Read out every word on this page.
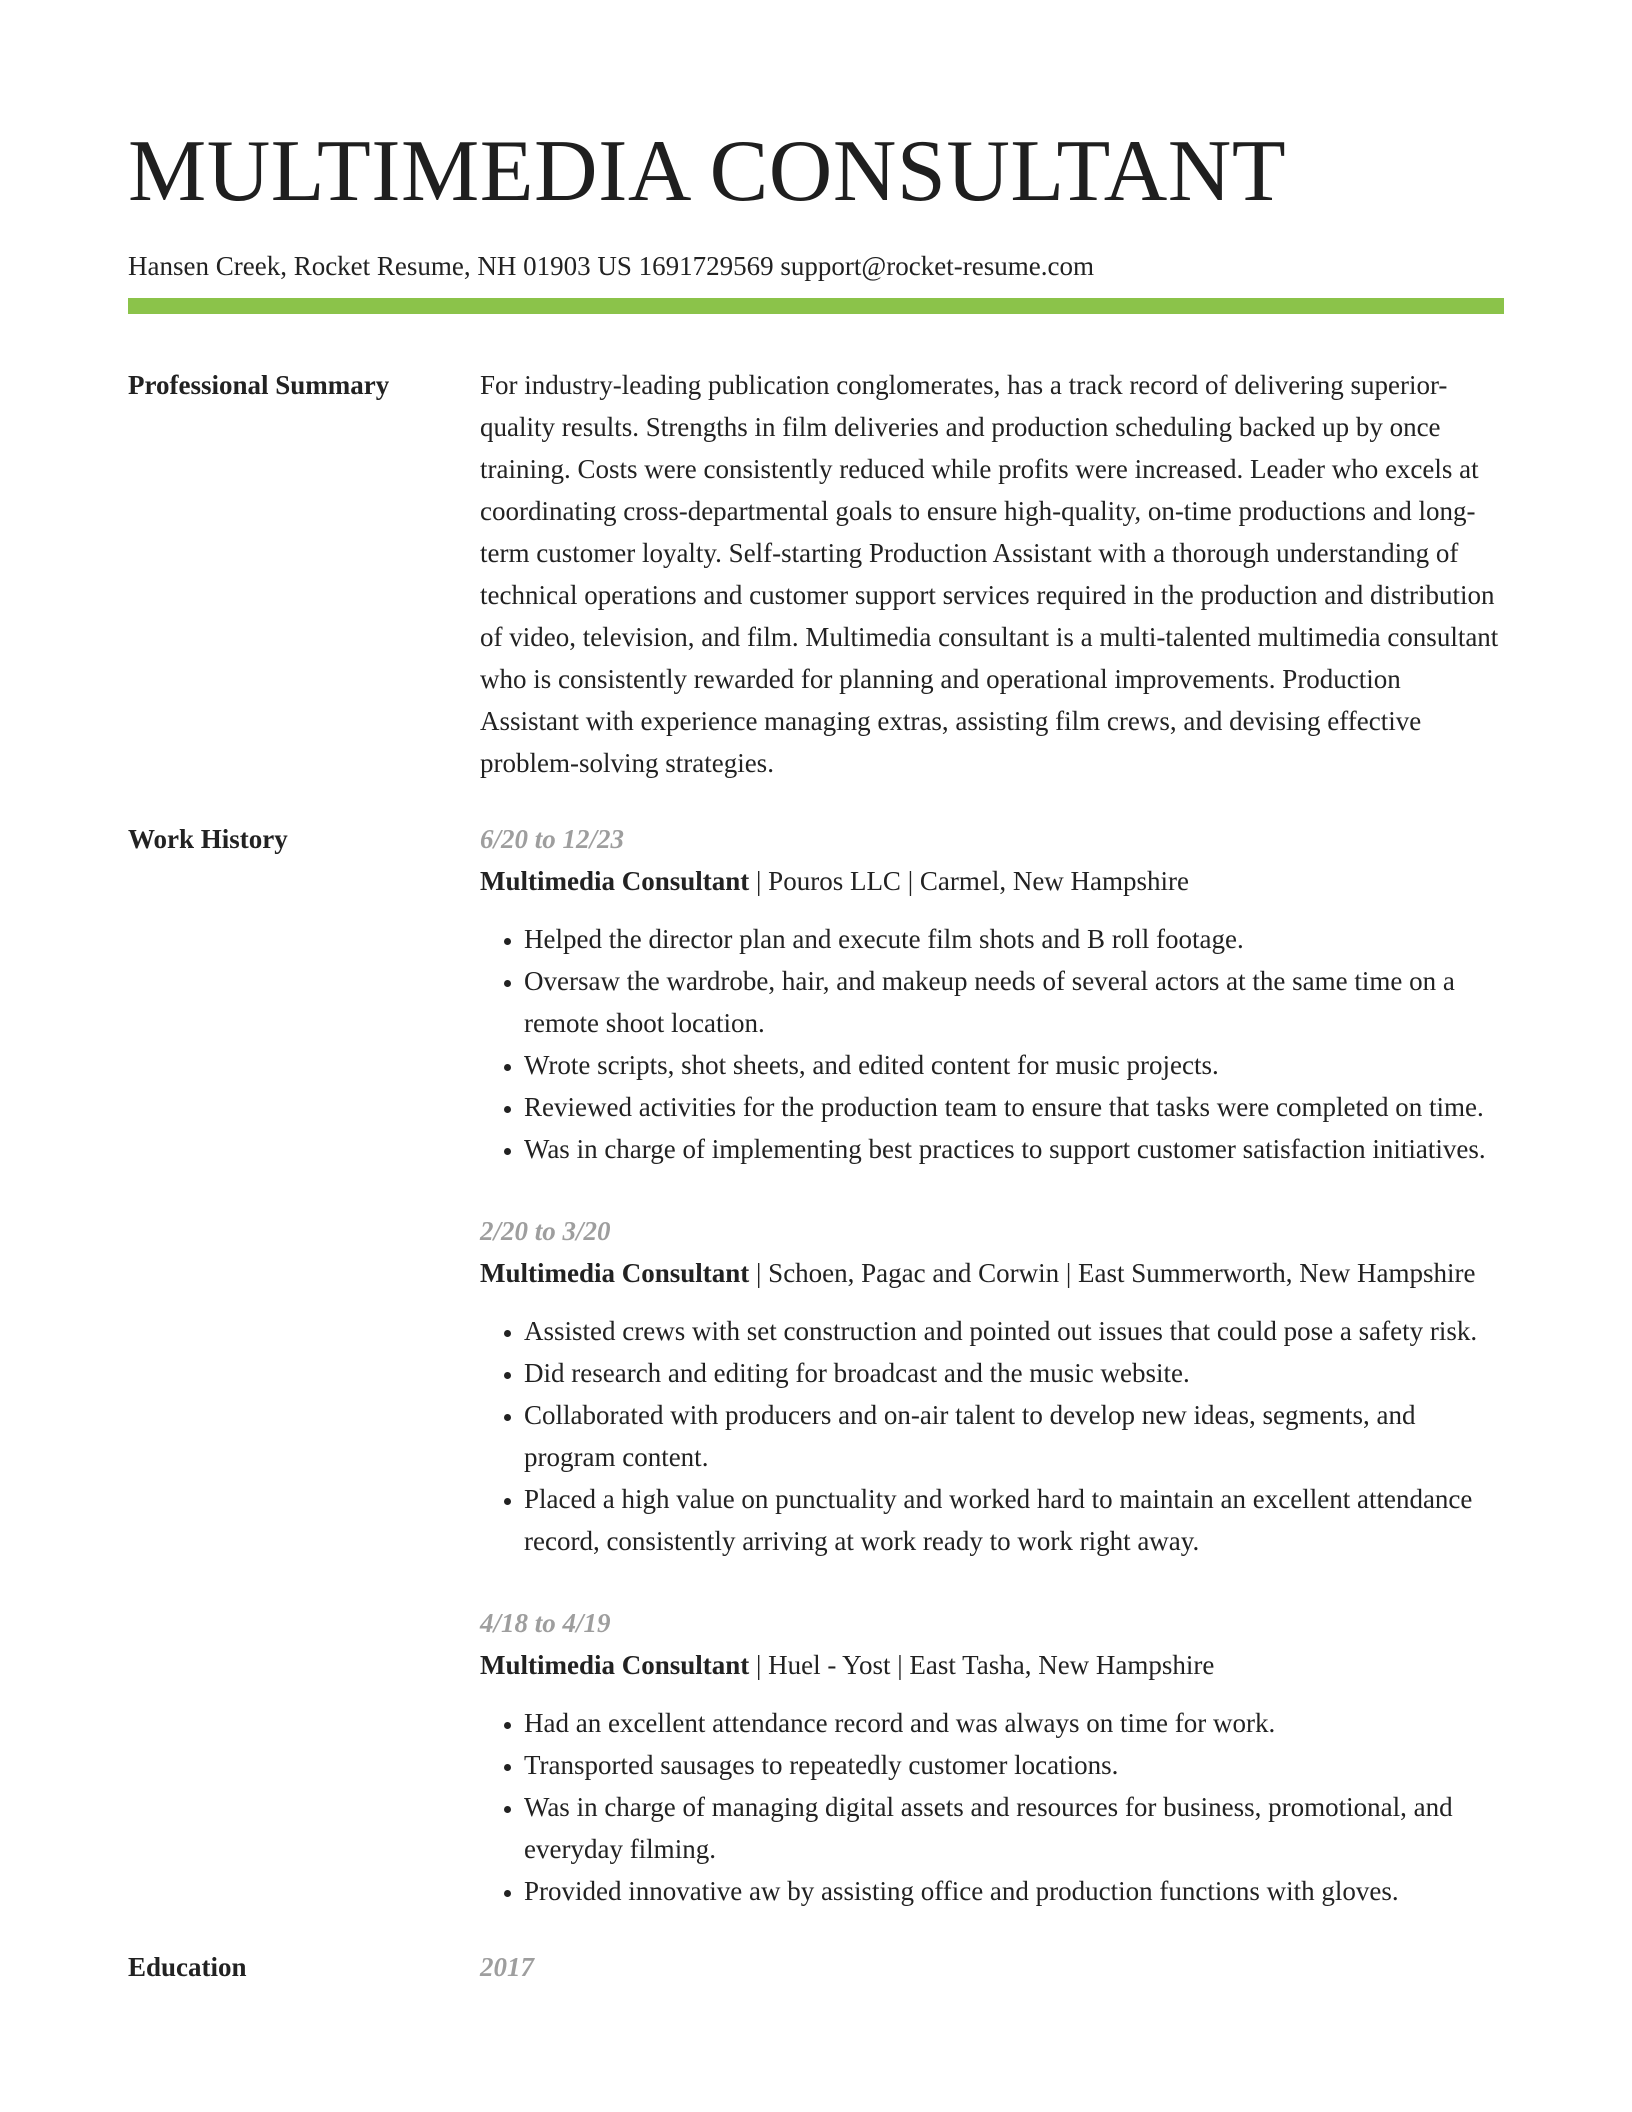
MULTIMEDIA CONSULTANT
Hansen Creek, Rocket Resume, NH 01903 US 1691729569 support@rocket-resume.com
Professional Summary	For industry-leading publication conglomerates, has a track record of delivering superior-quality results. Strengths in film deliveries and production scheduling backed up by once training. Costs were consistently reduced while profits were increased. Leader who excels at coordinating cross-departmental goals to ensure high-quality, on-time productions and long-term customer loyalty. Self-starting Production Assistant with a thorough understanding of technical operations and customer support services required in the production and distribution of video, television, and film. Multimedia consultant is a multi-talented multimedia consultant who is consistently rewarded for planning and operational improvements. Production Assistant with experience managing extras, assisting film crews, and devising effective problem-solving strategies.

Work History	6/20 to 12/23

Multimedia Consultant | Pouros LLC | Carmel, New Hampshire

• Helped the director plan and execute film shots and B roll footage.
• Oversaw the wardrobe, hair, and makeup needs of several actors at the same time on a remote shoot location.
• Wrote scripts, shot sheets, and edited content for music projects.
• Reviewed activities for the production team to ensure that tasks were completed on time.
• Was in charge of implementing best practices to support customer satisfaction initiatives.
2/20 to 3/20

Multimedia Consultant | Schoen, Pagac and Corwin | East Summerworth, New Hampshire

• Assisted crews with set construction and pointed out issues that could pose a safety risk.
• Did research and editing for broadcast and the music website.
• Collaborated with producers and on-air talent to develop new ideas, segments, and program content.
• Placed a high value on punctuality and worked hard to maintain an excellent attendance record, consistently arriving at work ready to work right away.
4/18 to 4/19

Multimedia Consultant | Huel - Yost | East Tasha, New Hampshire

• Had an excellent attendance record and was always on time for work.
• Transported sausages to repeatedly customer locations.
• Was in charge of managing digital assets and resources for business, promotional, and everyday filming.
• Provided innovative aw by assisting office and production functions with gloves.
Education	2017
